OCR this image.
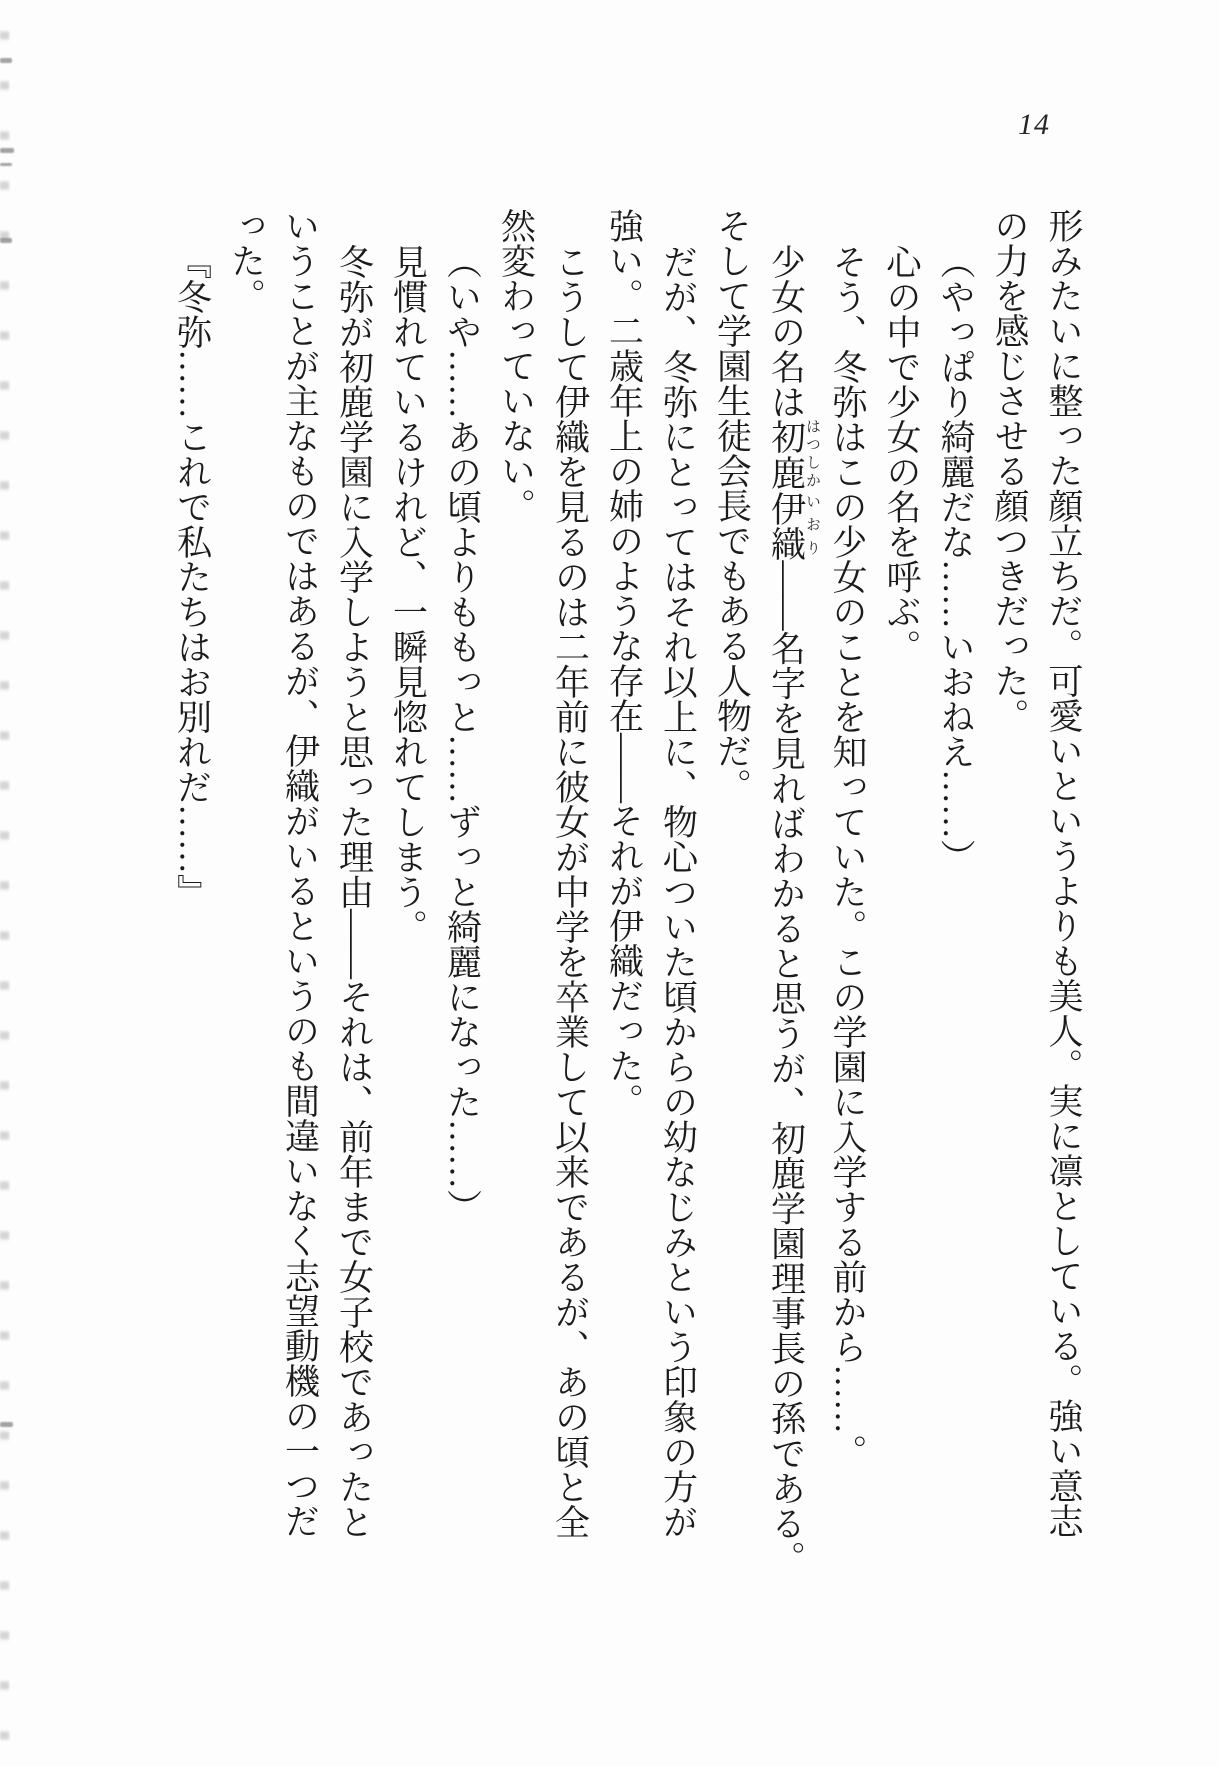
14
形みたいに整った顔立ちだ。可愛いというよりも美人。実に凛としている。強い意志
の力を感じさせる顔つきだった。
（やっぱり綺麗だな……いおねえ……）
心の中で少女の名を呼ぶ。
そう、冬弥はこの少女のことを知っていた。この学園に入学する前から……。
少女の名は初鹿はつしか伊織いおり――名字を見ればわかると思うが、初鹿学園理事長の孫である。
そして学園生徒会長でもある人物だ。
だが、冬弥にとってはそれ以上に、物心ついた頃からの幼なじみという印象の方が
強い。二歳年上の姉のような存在――それが伊織だった。
こうして伊織を見るのは二年前に彼女が中学を卒業して以来であるが、あの頃と全
然変わっていない。
（いや……あの頃よりももっと……ずっと綺麗になった……）
見慣れているけれど、一瞬見惚れてしまう。
冬弥が初鹿学園に入学しようと思った理由――それは、前年まで女子校であったと
いうことが主なものではあるが、伊織がいるというのも間違いなく志望動機の一つだ
った。
『冬弥……これで私たちはお別れだ……』
